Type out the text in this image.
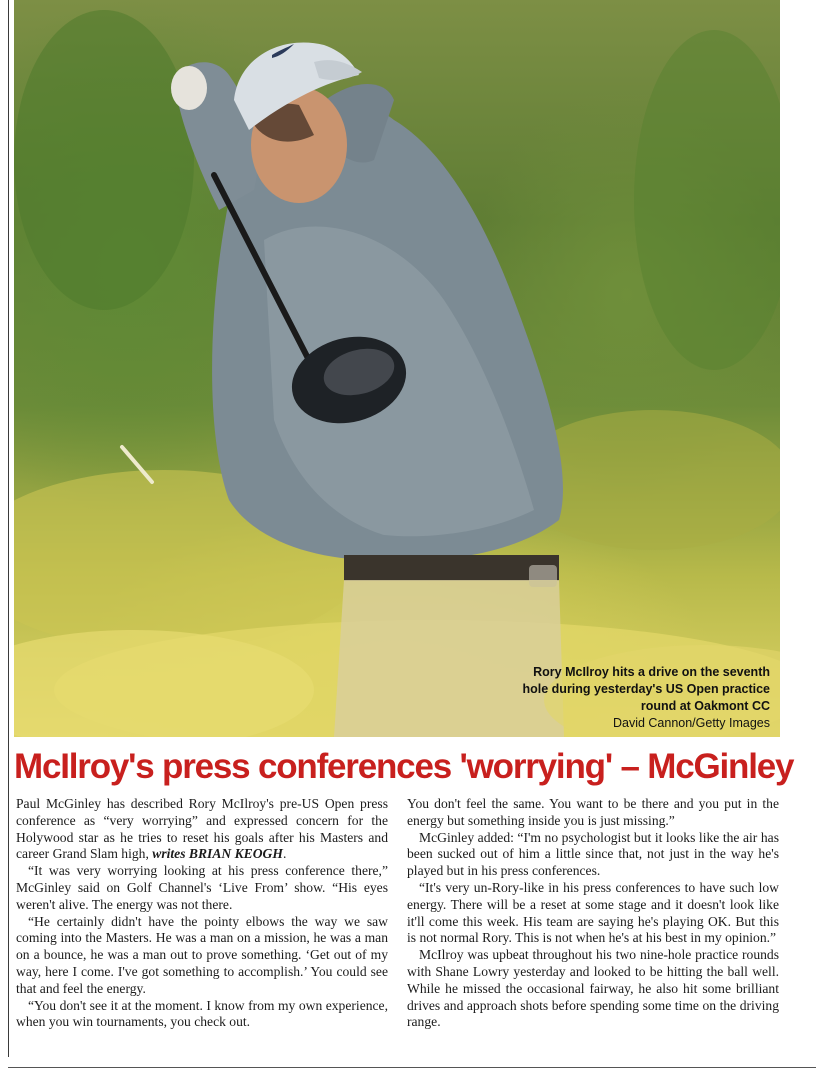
Rory McIlroy hits a drive on the seventh hole during yesterday's US Open practice round at Oakmont CC
David Cannon/Getty Images
McIlroy's press conferences 'worrying' – McGinley

Paul McGinley has described Rory McIlroy's pre-US Open press conference as “very worrying” and expressed concern for the Holywood star as he tries to reset his goals after his Masters and career Grand Slam high, writes BRIAN KEOGH.

“It was very worrying looking at his press conference there,” McGinley said on Golf Channel's ‘Live From’ show. “His eyes weren't alive. The energy was not there.

“He certainly didn't have the pointy elbows the way we saw coming into the Masters. He was a man on a mission, he was a man on a bounce, he was a man out to prove something. ‘Get out of my way, here I come. I've got something to accomplish.’ You could see that and feel the energy.

“You don't see it at the moment. I know from my own experience, when you win tournaments, you check out.

You don't feel the same. You want to be there and you put in the energy but something inside you is just missing.”

McGinley added: “I'm no psychologist but it looks like the air has been sucked out of him a little since that, not just in the way he's played but in his press conferences.

“It's very un-Rory-like in his press conferences to have such low energy. There will be a reset at some stage and it doesn't look like it'll come this week. His team are saying he's playing OK. But this is not normal Rory. This is not when he's at his best in my opinion.”

McIlroy was upbeat throughout his two nine-hole practice rounds with Shane Lowry yesterday and looked to be hitting the ball well. While he missed the occasional fairway, he also hit some brilliant drives and approach shots before spending some time on the driving range.
